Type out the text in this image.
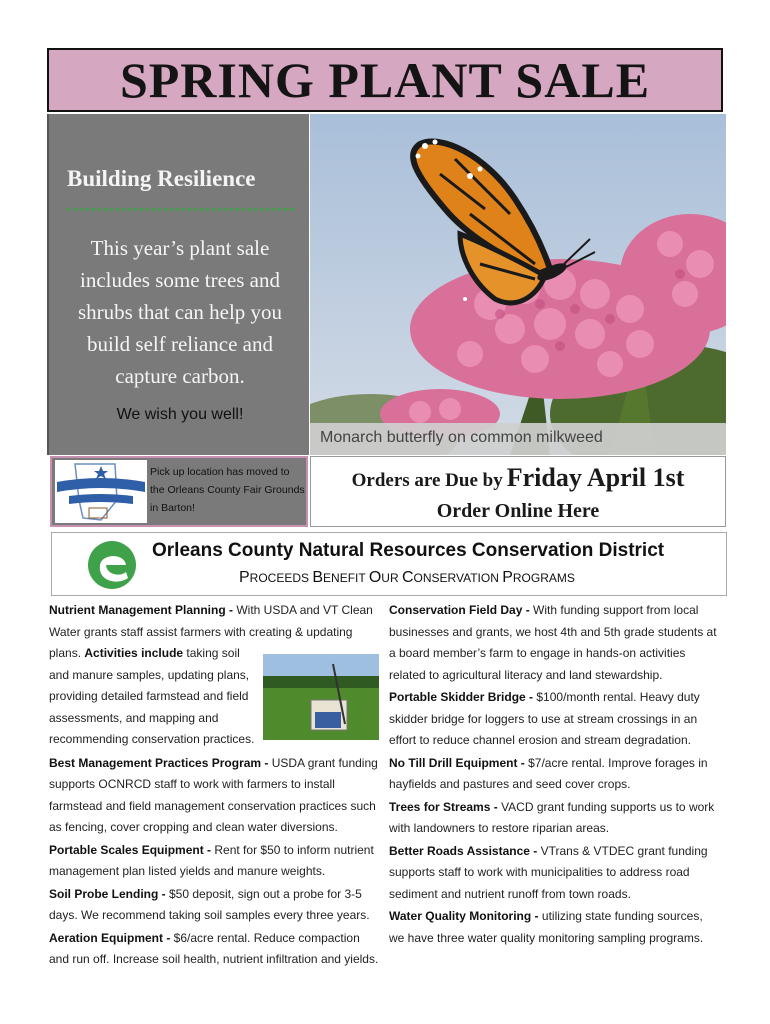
SPRING PLANT SALE
Building Resilience
This year’s plant sale includes some trees and shrubs that can help you build self reliance and capture carbon.
We wish you well!
Monarch butterfly on common milkweed
Pick up location has moved to the Orleans County Fair Grounds in Barton!
Orders are Due by Friday April 1st
Order Online Here
Orleans County Natural Resources Conservation District
PROCEEDS BENEFIT OUR CONSERVATION PROGRAMS

Nutrient Management Planning - With USDA and VT Clean Water grants staff assist farmers with creating & updating plans. Activities include taking soil and manure samples, updating plans, providing detailed farmstead and field assessments, and mapping and recommending conservation practices.

Best Management Practices Program - USDA grant funding supports OCNRCD staff to work with farmers to install farmstead and field management conservation practices such as fencing, cover cropping and clean water diversions.

Portable Scales Equipment - Rent for $50 to inform nutrient management plan listed yields and manure weights.

Soil Probe Lending - $50 deposit, sign out a probe for 3-5 days. We recommend taking soil samples every three years.

Aeration Equipment - $6/acre rental. Reduce compaction and run off. Increase soil health, nutrient infiltration and yields.

Conservation Field Day - With funding support from local businesses and grants, we host 4th and 5th grade students at a board member’s farm to engage in hands-on activities related to agricultural literacy and land stewardship.

Portable Skidder Bridge - $100/month rental. Heavy duty skidder bridge for loggers to use at stream crossings in an effort to reduce channel erosion and stream degradation.

No Till Drill Equipment - $7/acre rental. Improve forages in hayfields and pastures and seed cover crops.

Trees for Streams - VACD grant funding supports us to work with landowners to restore riparian areas.

Better Roads Assistance - VTrans & VTDEC grant funding supports staff to work with municipalities to address road sediment and nutrient runoff from town roads.

Water Quality Monitoring - utilizing state funding sources, we have three water quality monitoring sampling programs.
